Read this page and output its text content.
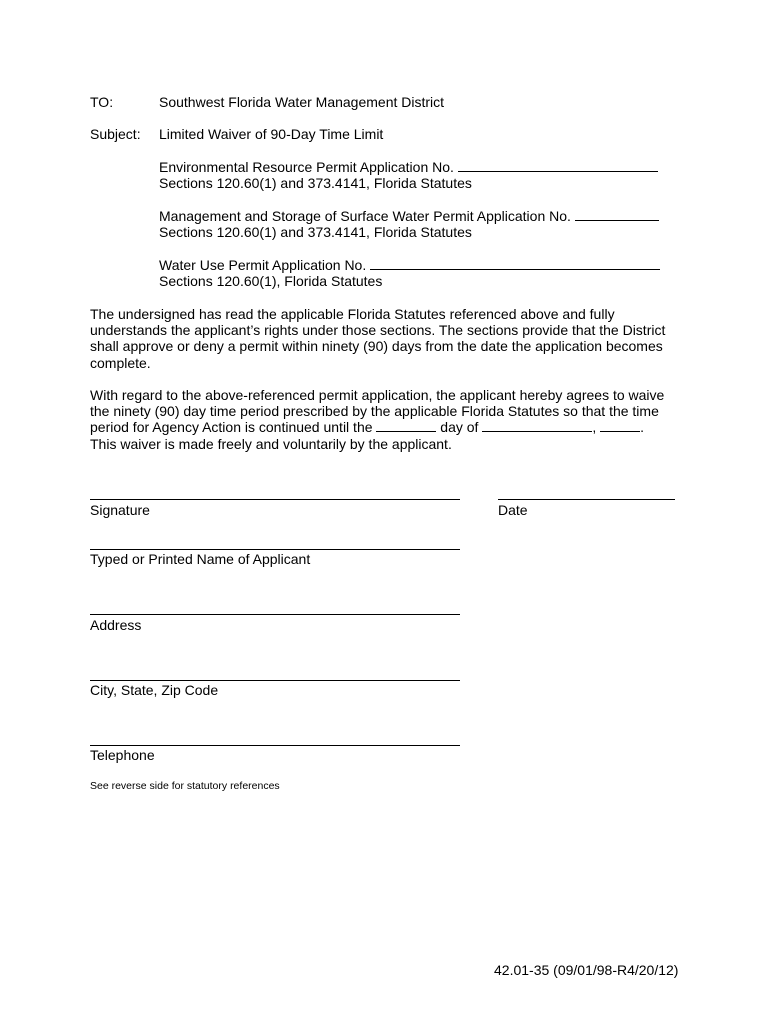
TO:	Southwest Florida Water Management District
Subject: Limited Waiver of 90-Day Time Limit
Environmental Resource Permit Application No.
Sections 120.60(1) and 373.4141, Florida Statutes
Management and Storage of Surface Water Permit Application No.
Sections 120.60(1) and 373.4141, Florida Statutes
Water Use Permit Application No.
Sections 120.60(1), Florida Statutes
The undersigned has read the applicable Florida Statutes referenced above and fully
understands the applicant’s rights under those sections. The sections provide that the District
shall approve or deny a permit within ninety (90) days from the date the application becomes
complete.
With regard to the above-referenced permit application, the applicant hereby agrees to waive
the ninety (90) day time period prescribed by the applicable Florida Statutes so that the time
period for Agency Action is continued until the	day of	,	.
This waiver is made freely and voluntarily by the applicant.
Signature	Date
Typed or Printed Name of Applicant
Address
City, State, Zip Code
Telephone
See reverse side for statutory references
42.01-35 (09/01/98-R4/20/12)
